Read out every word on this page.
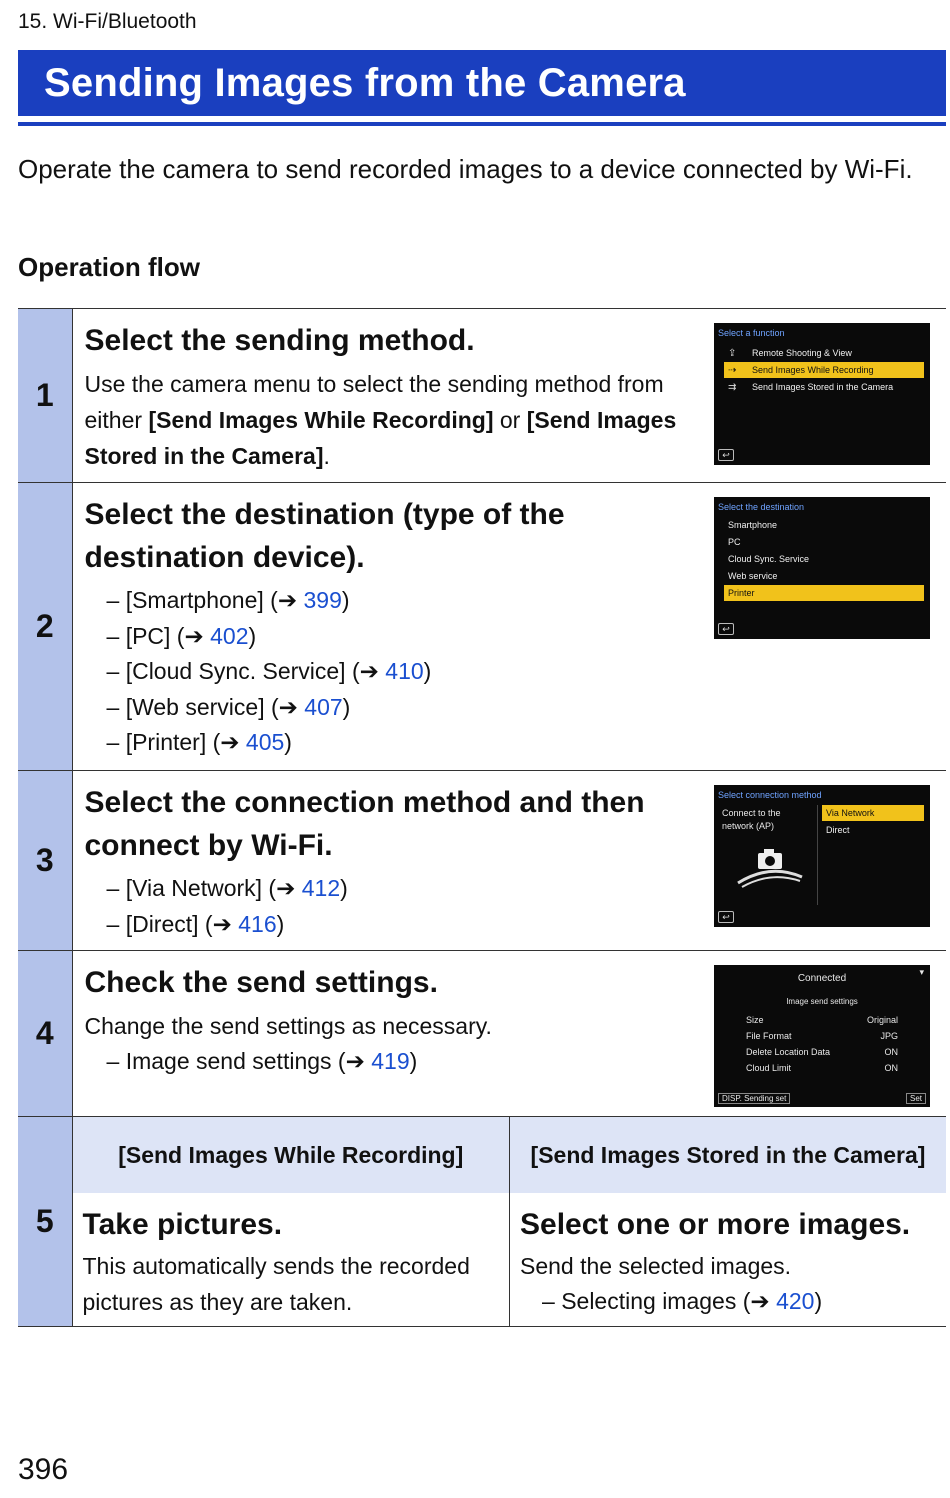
15. Wi-Fi/Bluetooth
Sending Images from the Camera

Operate the camera to send recorded images to a device connected by Wi-Fi.

Operation flow
1	
Select the sending method.
Use the camera menu to select the sending method from either [Send Images While Recording] or [Send Images Stored in the Camera].

Select a function
⇪ Remote Shooting & View
⇢ Send Images While Recording
⇉ Send Images Stored in the Camera
↩

2	
Select the destination (type of the destination device).
– [Smartphone] (➔ 399)
– [PC] (➔ 402)
– [Cloud Sync. Service] (➔ 410)
– [Web service] (➔ 407)
– [Printer] (➔ 405)

Select the destination
Smartphone
PC
Cloud Sync. Service
Web service
Printer
↩

3	
Select the connection method and then connect by Wi-Fi.
– [Via Network] (➔ 412)
– [Direct] (➔ 416)

Select connection method
Connect to the network (AP)
Via Network
Direct
↩

4	
Check the send settings.
Change the send settings as necessary.
– Image send settings (➔ 419)

Connected
▾
Image send settings
Size	Original
File Format	JPG
Delete Location Data	ON
Cloud Limit	ON
DISP. Sending set	Set

5	
[Send Images While Recording]
Take pictures.
This automatically sends the recorded pictures as they are taken.

[Send Images Stored in the Camera]
Select one or more images.
Send the selected images.
– Selecting images (➔ 420)
396
